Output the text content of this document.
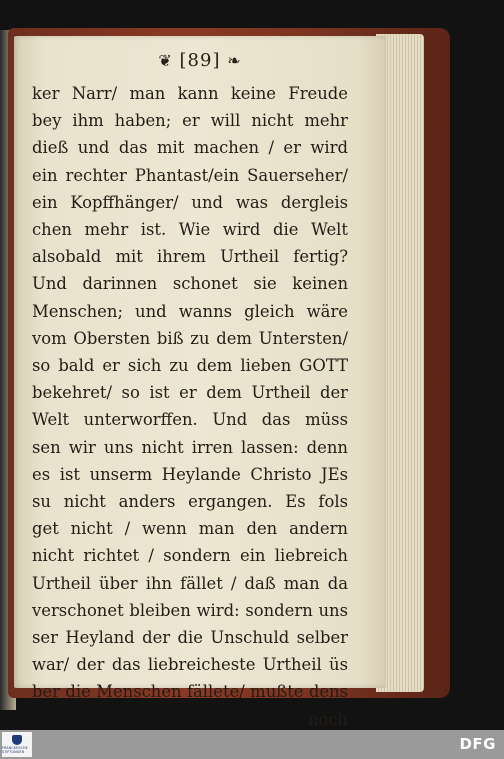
❦ [89] ❧
ker Narr/ man kann keine Freude
bey ihm haben; er will nicht mehr
dieß und das mit machen / er wird
ein rechter Phantast/ein Sauerseher/
ein Kopffhänger/ und was dergleis
chen mehr ist. Wie wird die Welt
alsobald mit ihrem Urtheil fertig?
Und darinnen schonet sie keinen
Menschen; und wanns gleich wäre
vom Obersten biß zu dem Untersten/
so bald er sich zu dem lieben GOTT
bekehret/ so ist er dem Urtheil der
Welt unterworffen. Und das müss
sen wir uns nicht irren lassen: denn
es ist unserm Heylande Christo JEs
su nicht anders ergangen. Es fols
get nicht / wenn man den andern
nicht richtet / sondern ein liebreich
Urtheil über ihn fället / daß man da
verschonet bleiben wird: sondern uns
ser Heyland der die Unschuld selber
war/ der das liebreicheste Urtheil üs
ber die Menschen fällete/ mußte dens
noch
FRANCKESCHE STIFTUNGEN	DFG
